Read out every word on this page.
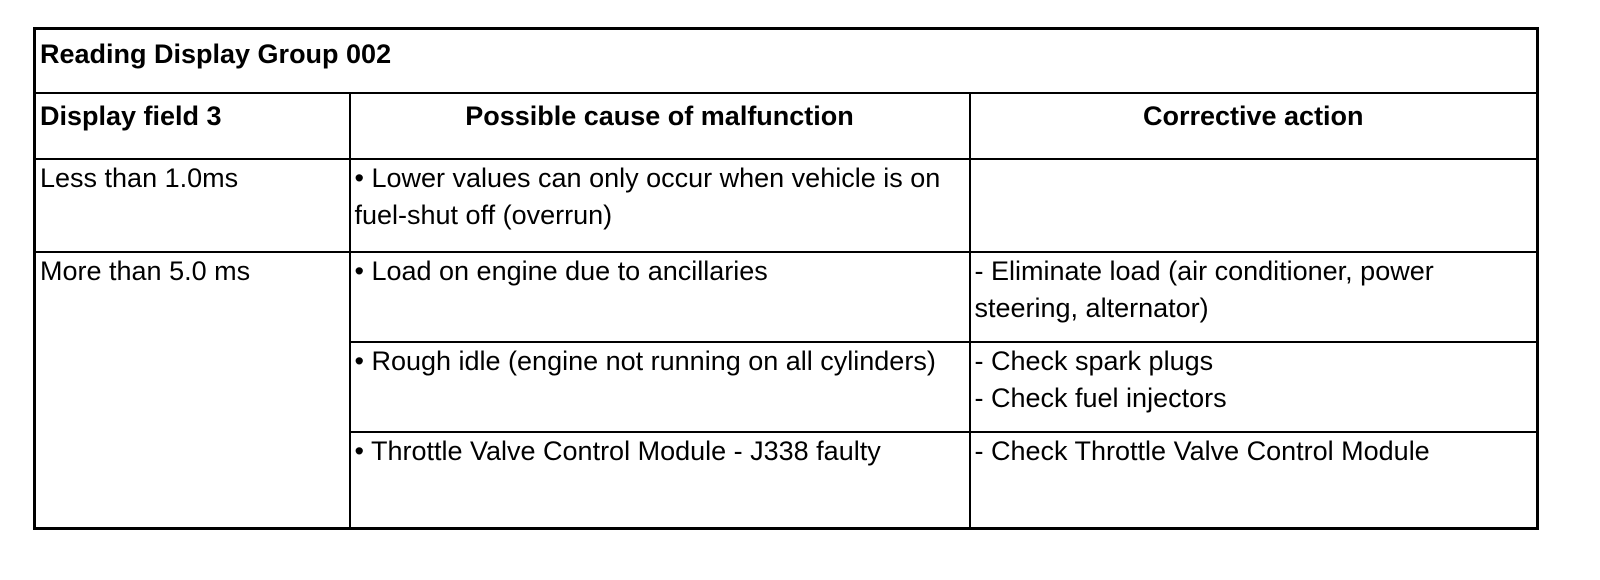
Reading Display Group 002		
Display field 3	Possible cause of malfunction	Corrective action
Less than 1.0ms	• Lower values can only occur when vehicle is on fuel-shut off (overrun)	
More than 5.0 ms	• Load on engine due to ancillaries	- Eliminate load (air conditioner, power steering, alternator)

	• Rough idle (engine not running on all cylinders)	- Check spark plugs
- Check fuel injectors

	• Throttle Valve Control Module - J338 faulty	- Check Throttle Valve Control Module
